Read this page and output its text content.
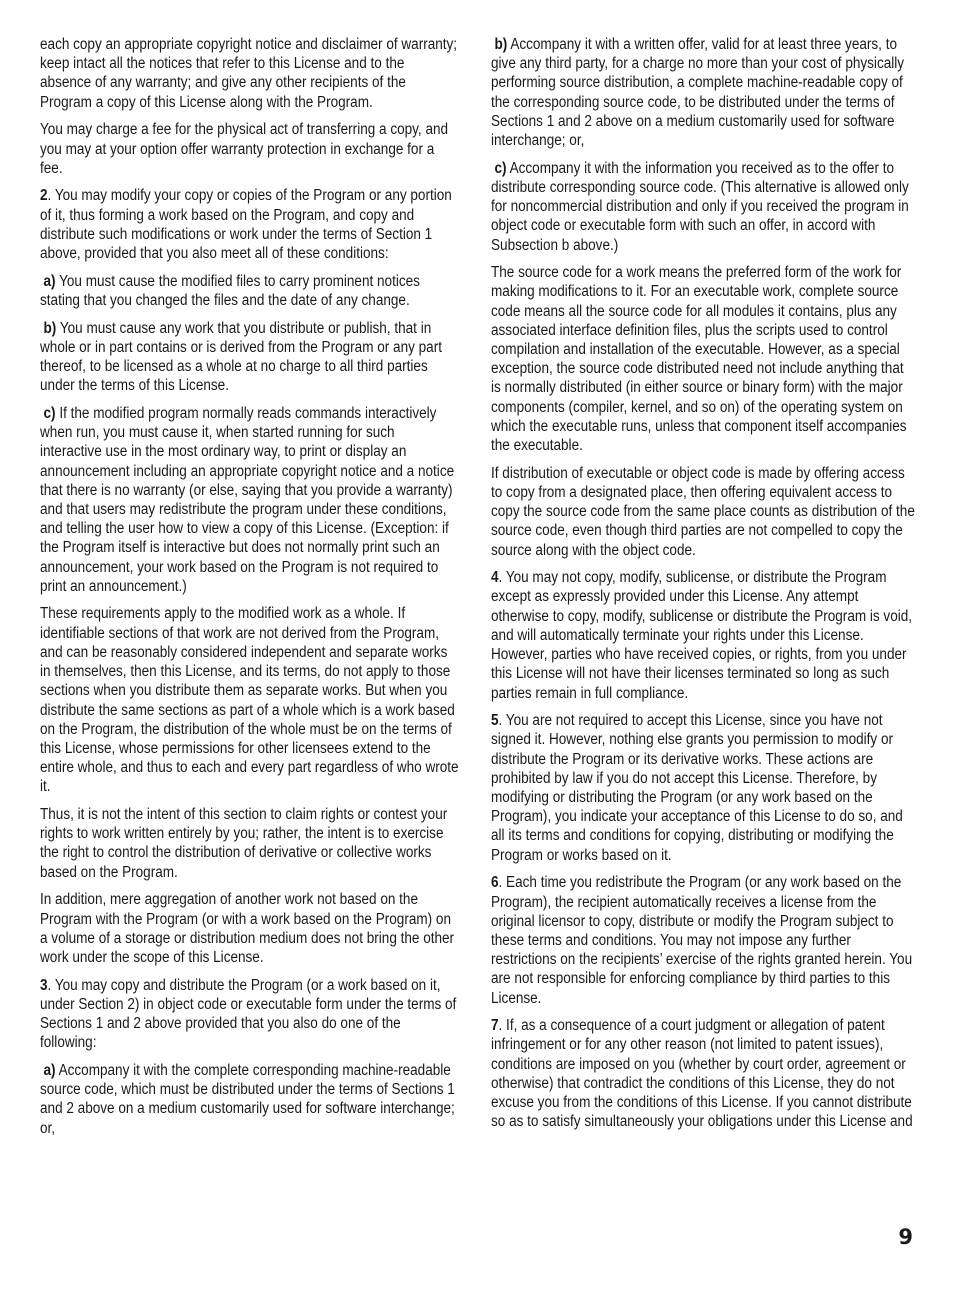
each copy an appropriate copyright notice and disclaimer of warranty; keep intact all the notices that refer to this License and to the absence of any warranty; and give any other recipients of the Program a copy of this License along with the Program.

You may charge a fee for the physical act of transferring a copy, and you may at your option offer warranty protection in exchange for a fee.

2. You may modify your copy or copies of the Program or any portion of it, thus forming a work based on the Program, and copy and distribute such modifications or work under the terms of Section 1 above, provided that you also meet all of these conditions:

a) You must cause the modified files to carry prominent notices stating that you changed the files and the date of any change.

b) You must cause any work that you distribute or publish, that in whole or in part contains or is derived from the Program or any part thereof, to be licensed as a whole at no charge to all third parties under the terms of this License.

c) If the modified program normally reads commands interactively when run, you must cause it, when started running for such interactive use in the most ordinary way, to print or display an announcement including an appropriate copyright notice and a notice that there is no warranty (or else, saying that you provide a warranty) and that users may redistribute the program under these conditions, and telling the user how to view a copy of this License. (Exception: if the Program itself is interactive but does not normally print such an announcement, your work based on the Program is not required to print an announcement.)

These requirements apply to the modified work as a whole. If identifiable sections of that work are not derived from the Program, and can be reasonably considered independent and separate works in themselves, then this License, and its terms, do not apply to those sections when you distribute them as separate works. But when you distribute the same sections as part of a whole which is a work based on the Program, the distribution of the whole must be on the terms of this License, whose permissions for other licensees extend to the entire whole, and thus to each and every part regardless of who wrote it.

Thus, it is not the intent of this section to claim rights or contest your rights to work written entirely by you; rather, the intent is to exercise the right to control the distribution of derivative or collective works based on the Program.

In addition, mere aggregation of another work not based on the Program with the Program (or with a work based on the Program) on a volume of a storage or distribution medium does not bring the other work under the scope of this License.

3. You may copy and distribute the Program (or a work based on it, under Section 2) in object code or executable form under the terms of Sections 1 and 2 above provided that you also do one of the following:

a) Accompany it with the complete corresponding machine-readable source code, which must be distributed under the terms of Sections 1 and 2 above on a medium customarily used for software interchange; or,

b) Accompany it with a written offer, valid for at least three years, to give any third party, for a charge no more than your cost of physically performing source distribution, a complete machine-readable copy of the corresponding source code, to be distributed under the terms of Sections 1 and 2 above on a medium customarily used for software interchange; or,

c) Accompany it with the information you received as to the offer to distribute corresponding source code. (This alternative is allowed only for noncommercial distribution and only if you received the program in object code or executable form with such an offer, in accord with Subsection b above.)

The source code for a work means the preferred form of the work for making modifications to it. For an executable work, complete source code means all the source code for all modules it contains, plus any associated interface definition files, plus the scripts used to control compilation and installation of the executable. However, as a special exception, the source code distributed need not include anything that is normally distributed (in either source or binary form) with the major components (compiler, kernel, and so on) of the operating system on which the executable runs, unless that component itself accompanies the executable.

If distribution of executable or object code is made by offering access to copy from a designated place, then offering equivalent access to copy the source code from the same place counts as distribution of the source code, even though third parties are not compelled to copy the source along with the object code.

4. You may not copy, modify, sublicense, or distribute the Program except as expressly provided under this License. Any attempt otherwise to copy, modify, sublicense or distribute the Program is void, and will automatically terminate your rights under this License. However, parties who have received copies, or rights, from you under this License will not have their licenses terminated so long as such parties remain in full compliance.

5. You are not required to accept this License, since you have not signed it. However, nothing else grants you permission to modify or distribute the Program or its derivative works. These actions are prohibited by law if you do not accept this License. Therefore, by modifying or distributing the Program (or any work based on the Program), you indicate your acceptance of this License to do so, and all its terms and conditions for copying, distributing or modifying the Program or works based on it.

6. Each time you redistribute the Program (or any work based on the Program), the recipient automatically receives a license from the original licensor to copy, distribute or modify the Program subject to these terms and conditions. You may not impose any further restrictions on the recipients’ exercise of the rights granted herein. You are not responsible for enforcing compliance by third parties to this License.

7. If, as a consequence of a court judgment or allegation of patent infringement or for any other reason (not limited to patent issues), conditions are imposed on you (whether by court order, agreement or otherwise) that contradict the conditions of this License, they do not excuse you from the conditions of this License. If you cannot distribute so as to satisfy simultaneously your obligations under this License and

9
